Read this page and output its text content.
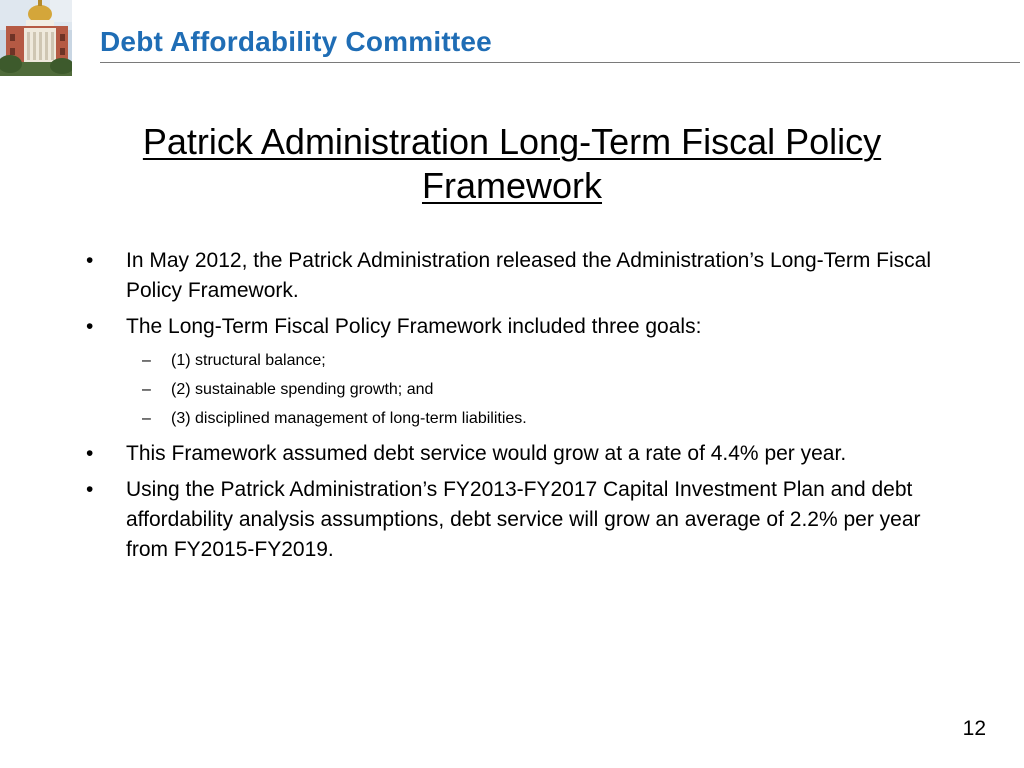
Debt Affordability Committee
Patrick Administration Long-Term Fiscal Policy Framework
• In May 2012, the Patrick Administration released the Administration’s Long-Term Fiscal Policy Framework.
• The Long-Term Fiscal Policy Framework included three goals:
– (1) structural balance;
– (2) sustainable spending growth; and
– (3) disciplined management of long-term liabilities.
• This Framework assumed debt service would grow at a rate of 4.4% per year.
• Using the Patrick Administration’s FY2013-FY2017 Capital Investment Plan and debt affordability analysis assumptions, debt service will grow an average of 2.2% per year from FY2015-FY2019.
12
